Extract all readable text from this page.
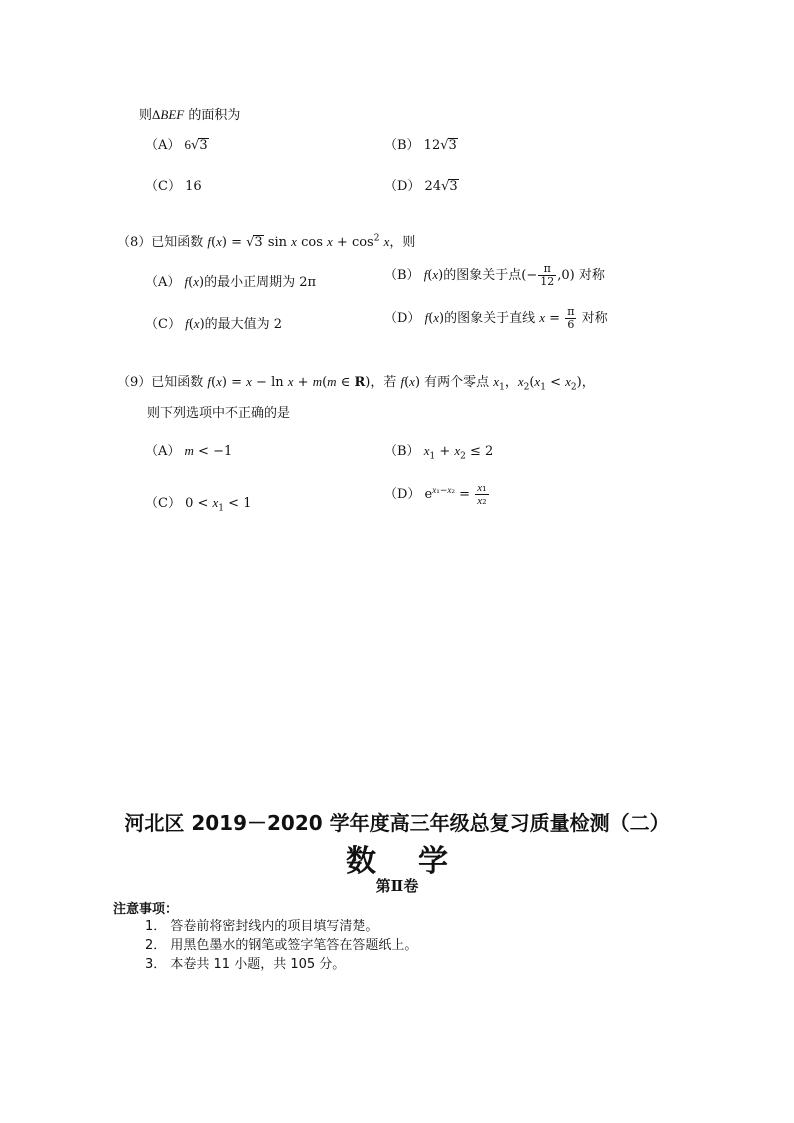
则ΔBEF 的面积为
（A） 6√3	（B） 12√3
（C） 16	（D） 24√3
（8）已知函数 f(x) = √3 sin x $\cos x + \cos^2 x$，则
（A） f(x)的最小正周期为 2π	（B） f(x)的图象关于点(− $\frac{\pi}{12} ,0$) 对称
（C） f(x)的最大值为 2	（D） f(x)的图象关于直线 $x = \frac{\pi}{6}$ 对称
（9）已知函数 f(x) = x − ln x + m(m ∈ R)，若 f(x) 有两个零点 $x_1$，$x_2(x_1 < x_2)$，
则下列选项中不正确的是
（A） m < −1	（B） $x_1 + x_2 \le 2$
（C） $0 < x_1 < 1$
（D） $e^{x_1-x_2} = \frac{\text{x₁}}{\text{x₂}}$
河北区 2019－2020 学年度高三年级总复习质量检测（二）
数学
第Ⅱ卷
注意事项：
1． 答卷前将密封线内的项目填写清楚。
2． 用黑色墨水的钢笔或签字笔答在答题纸上。
3． 本卷共 11 小题，共 105 分。
